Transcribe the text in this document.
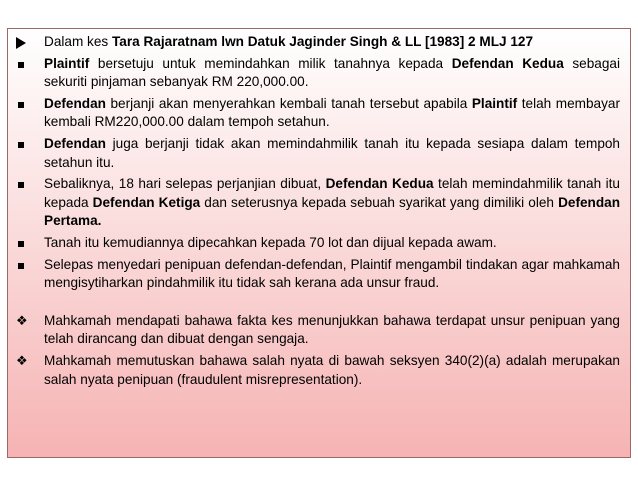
Dalam kes Tara Rajaratnam lwn Datuk Jaginder Singh & LL [1983] 2 MLJ 127
Plaintif bersetuju untuk memindahkan milik tanahnya kepada Defendan Kedua sebagai sekuriti pinjaman sebanyak RM 220,000.00.
Defendan berjanji akan menyerahkan kembali tanah tersebut apabila Plaintif telah membayar kembali RM220,000.00 dalam tempoh setahun.
Defendan juga berjanji tidak akan memindahmilik tanah itu kepada sesiapa dalam tempoh setahun itu.
Sebaliknya, 18 hari selepas perjanjian dibuat, Defendan Kedua telah memindahmilik tanah itu kepada Defendan Ketiga dan seterusnya kepada sebuah syarikat yang dimiliki oleh Defendan Pertama.
Tanah itu kemudiannya dipecahkan kepada 70 lot dan dijual kepada awam.
Selepas menyedari penipuan defendan-defendan, Plaintif mengambil tindakan agar mahkamah mengisytiharkan pindahmilik itu tidak sah kerana ada unsur fraud.
❖	Mahkamah mendapati bahawa fakta kes menunjukkan bahawa terdapat unsur penipuan yang telah dirancang dan dibuat dengan sengaja.
❖	Mahkamah memutuskan bahawa salah nyata di bawah seksyen 340(2)(a) adalah merupakan salah nyata penipuan (fraudulent misrepresentation).
